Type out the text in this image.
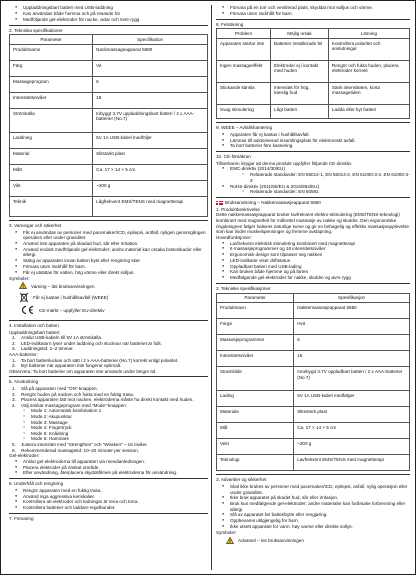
● Uppladdningsbart batteri med USB-laddning
● Kan användas både hemma och på resande fot
● Medföljande gel-elektroder för nacke, axlar och övre rygg
2. Tekniska specifikationer
Parameter	Specifikation
Produktnamn	Nackmassageapparat 5880
Färg	Vit
Massageprogram	6
Intensitetsnivåer	16
Strömkälla	Inbyggt 3.7V uppladdningsbart batteri / 2 x AAA-batterier (No.7)
Laddning	5V 1A USB-kabel medföljer
Material	Slitstarkt plast
Mått	Ca. 17 × 14 × 5 cm
Vikt	~200 g
Teknik	Lågfrekvent EMS/TENS med magnetterapi
3. Varningar och säkerhet
● Får ej användas av personer med pacemaker/ICD, epilepsi, antfall, nyligen genomgången operation eller under graviditet.
● Använd inte apparaten på skadad hud, sår eller irritation.
● Använd endast medföljande gel-elektroder; andra material kan orsaka brännskador eller allergi.
● Stäng av apparaten innan batteri byts eller rengöring sker.
● Förvara utom räckhåll för barn.
● Får ej utsättas för vatten, hög värme eller direkt solljus.
Symboler:
Varning – läs bruksanvisningen
Får ej kastas i hushållsavfall (WEEE)
CE-märkt – uppfyller EU-direktiv
4. Installation och batteri
Uppladdningsbart batteri:
1. Anslut USB-kabeln till 5V 1A strömkälla.
2. LED-indikatorn lyser under laddning och slocknar när batteriet är fullt.
3. Laddningstid: 1–2 timmar.
AAA-batterier:
1. Ta bort batteriluckan och sätt i 2 x AAA-batterier (No.7) korrekt enligt polaritet.
2. Byt batterier när apparaten inte fungerar optimalt.
Observera: Ta bort batterier om apparaten inte används under längre tid.
5. Användning
1. Slå på apparaten med “ON”-knappen.
2. Rengör huden på nacken och fukta med en fuktig trasa.
3. Placera apparaten tätt mot nacken, elektroderna måste ha direkt kontakt med huden.
4. Välj önskat massageprogram med “Mode”-knappen:
○ Mode 1: Automatisk kombination 1
○ Mode 2: Akupunktur
○ Mode 3: Massage
○ Mode 4: Fingertryck
○ Mode 5: Knådning
○ Mode 6: Hammare
5. Justera intensitet med “Strengthen” och “Weaken” – 16 nivåer.
6. Rekommenderad massagetid: 10–20 minuter per session.
Gel-elektroder:
● Anslut gel-elektroderna till apparaten via mendianledningen.
● Placera elektroder på önskat område.
● Efter användning, återplacera skyddsfilmen på elektroderna för användning.
6. Underhåll och rengöring
● Rengör apparaten med en fuktig trasa.
● Använd inga aggressiva kemikalier.
● Kontrollera att elektroder och ledningar är rena och torra.
● Kontrollera batterier och laddare regelbundet.
7. Förvaring
● Förvara på en torr och ventilerad plats, skyddat mot solljus och värme.
● Förvara utom räckhåll för barn.
8. Felsökning
Problem	Möjlig orsak	Lösning
Apparaten startar inte	Batterier installerade fel	Kontrollera polaritet och anslutningar
Ingen massageeffekt	Elektroder ej i kontakt med huden	Rengör och fukta huden, placera elektroder korrekt
Stickande känsla	Intensitet för hög, känslig hud	Sänk intensiteten, korta massagetiden
Svag stimulering	Lågt batteri	Ladda eller byt batteri
9. WEEE – Avfallshantering
● Apparaten får ej kastas i hushållsavfall.
● Lämnas till auktoriserad insamlingsplats för elektroniskt avfall.
● Ta bort batterier före kassering.
10. CE-försäkran
Tillverkaren intygar att denna produkt uppfyller följande CE-direktiv
● EMC-direktiv (2014/30/EU)
○ Relaterade standarder: EN 55014-1, EN 55014-2, EN 61000-3-2, EN 61000-3-3
● RoHS-direktiv (2011/65/EU & 2015/863/EU)
○ Relaterade standarder: EN 50581
Bruksanvisning – Nakkemassasjeapparat 5880
1. Produktbeskrivelse
Dette nakkemassasjeapparat bruker lavfrekvent elektro-stimulering (EMS/TENS-teknologi) kombinert med magnetfelt for målrettet massasje av nakke og skuldre. Den ergonomiske ringdesignen følger halsens naturlige kurve og gir en behagelig og effektiv massasjeopplevelse som kan lindre muskelspenninger og fremme avslapning.
Hovedfunksjoner:
● Lavfrekvent elektrisk stimulering kombinert med magnetterapi
● 6 massasjeprogrammer og 16 intensitetsnivåer
● Ergonomisk design som tilpasser seg nakken
● LED-indikator viser driftstatus
● Oppladbart batteri med USB-lading
● Kan brukes både hjemme og på farten
● Medfølgende gel-elektroder for nakke, skuldre og øvre rygg
2. Tekniske spesifikasjoner
Parameter	Spesifikasjon
Produktnavn	Nakkemassasjeapparat 5880
Farge	Hvit
Massasjeprogrammer	6
Intensitetsnivåer	16
Strømkilde	Innebygd 3.7V oppladbart batteri / 2 x AAA-batterier (No.7)
Lading	5V 1A USB-kabel medfølger
Materiale	Slitesterk plast
Mål	Ca. 17 × 14 × 5 cm
Vekt	~200 g
Teknologi	Lavfrekvent EMS/TENS med magnetterapi
3. Advarsler og sikkerhet
● Skal ikke brukes av personer med pacemaker/ICD, epilepsi, anfall, nylig operasjon eller under graviditet.
● Ikke bruk apparatet på skadet hud, sår eller irritasjon.
● Bruk kun medfølgende gel-elektroder; andre materialer kan forårsake forbrenning eller allergi.
● Slå av apparatet før batteribytte eller rengjøring.
● Oppbevares utilgjengelig for barn.
● Ikke utsett apparatet for vann, høy varme eller direkte sollys.
Symboler:
Advarsel – les bruksanvisningen
